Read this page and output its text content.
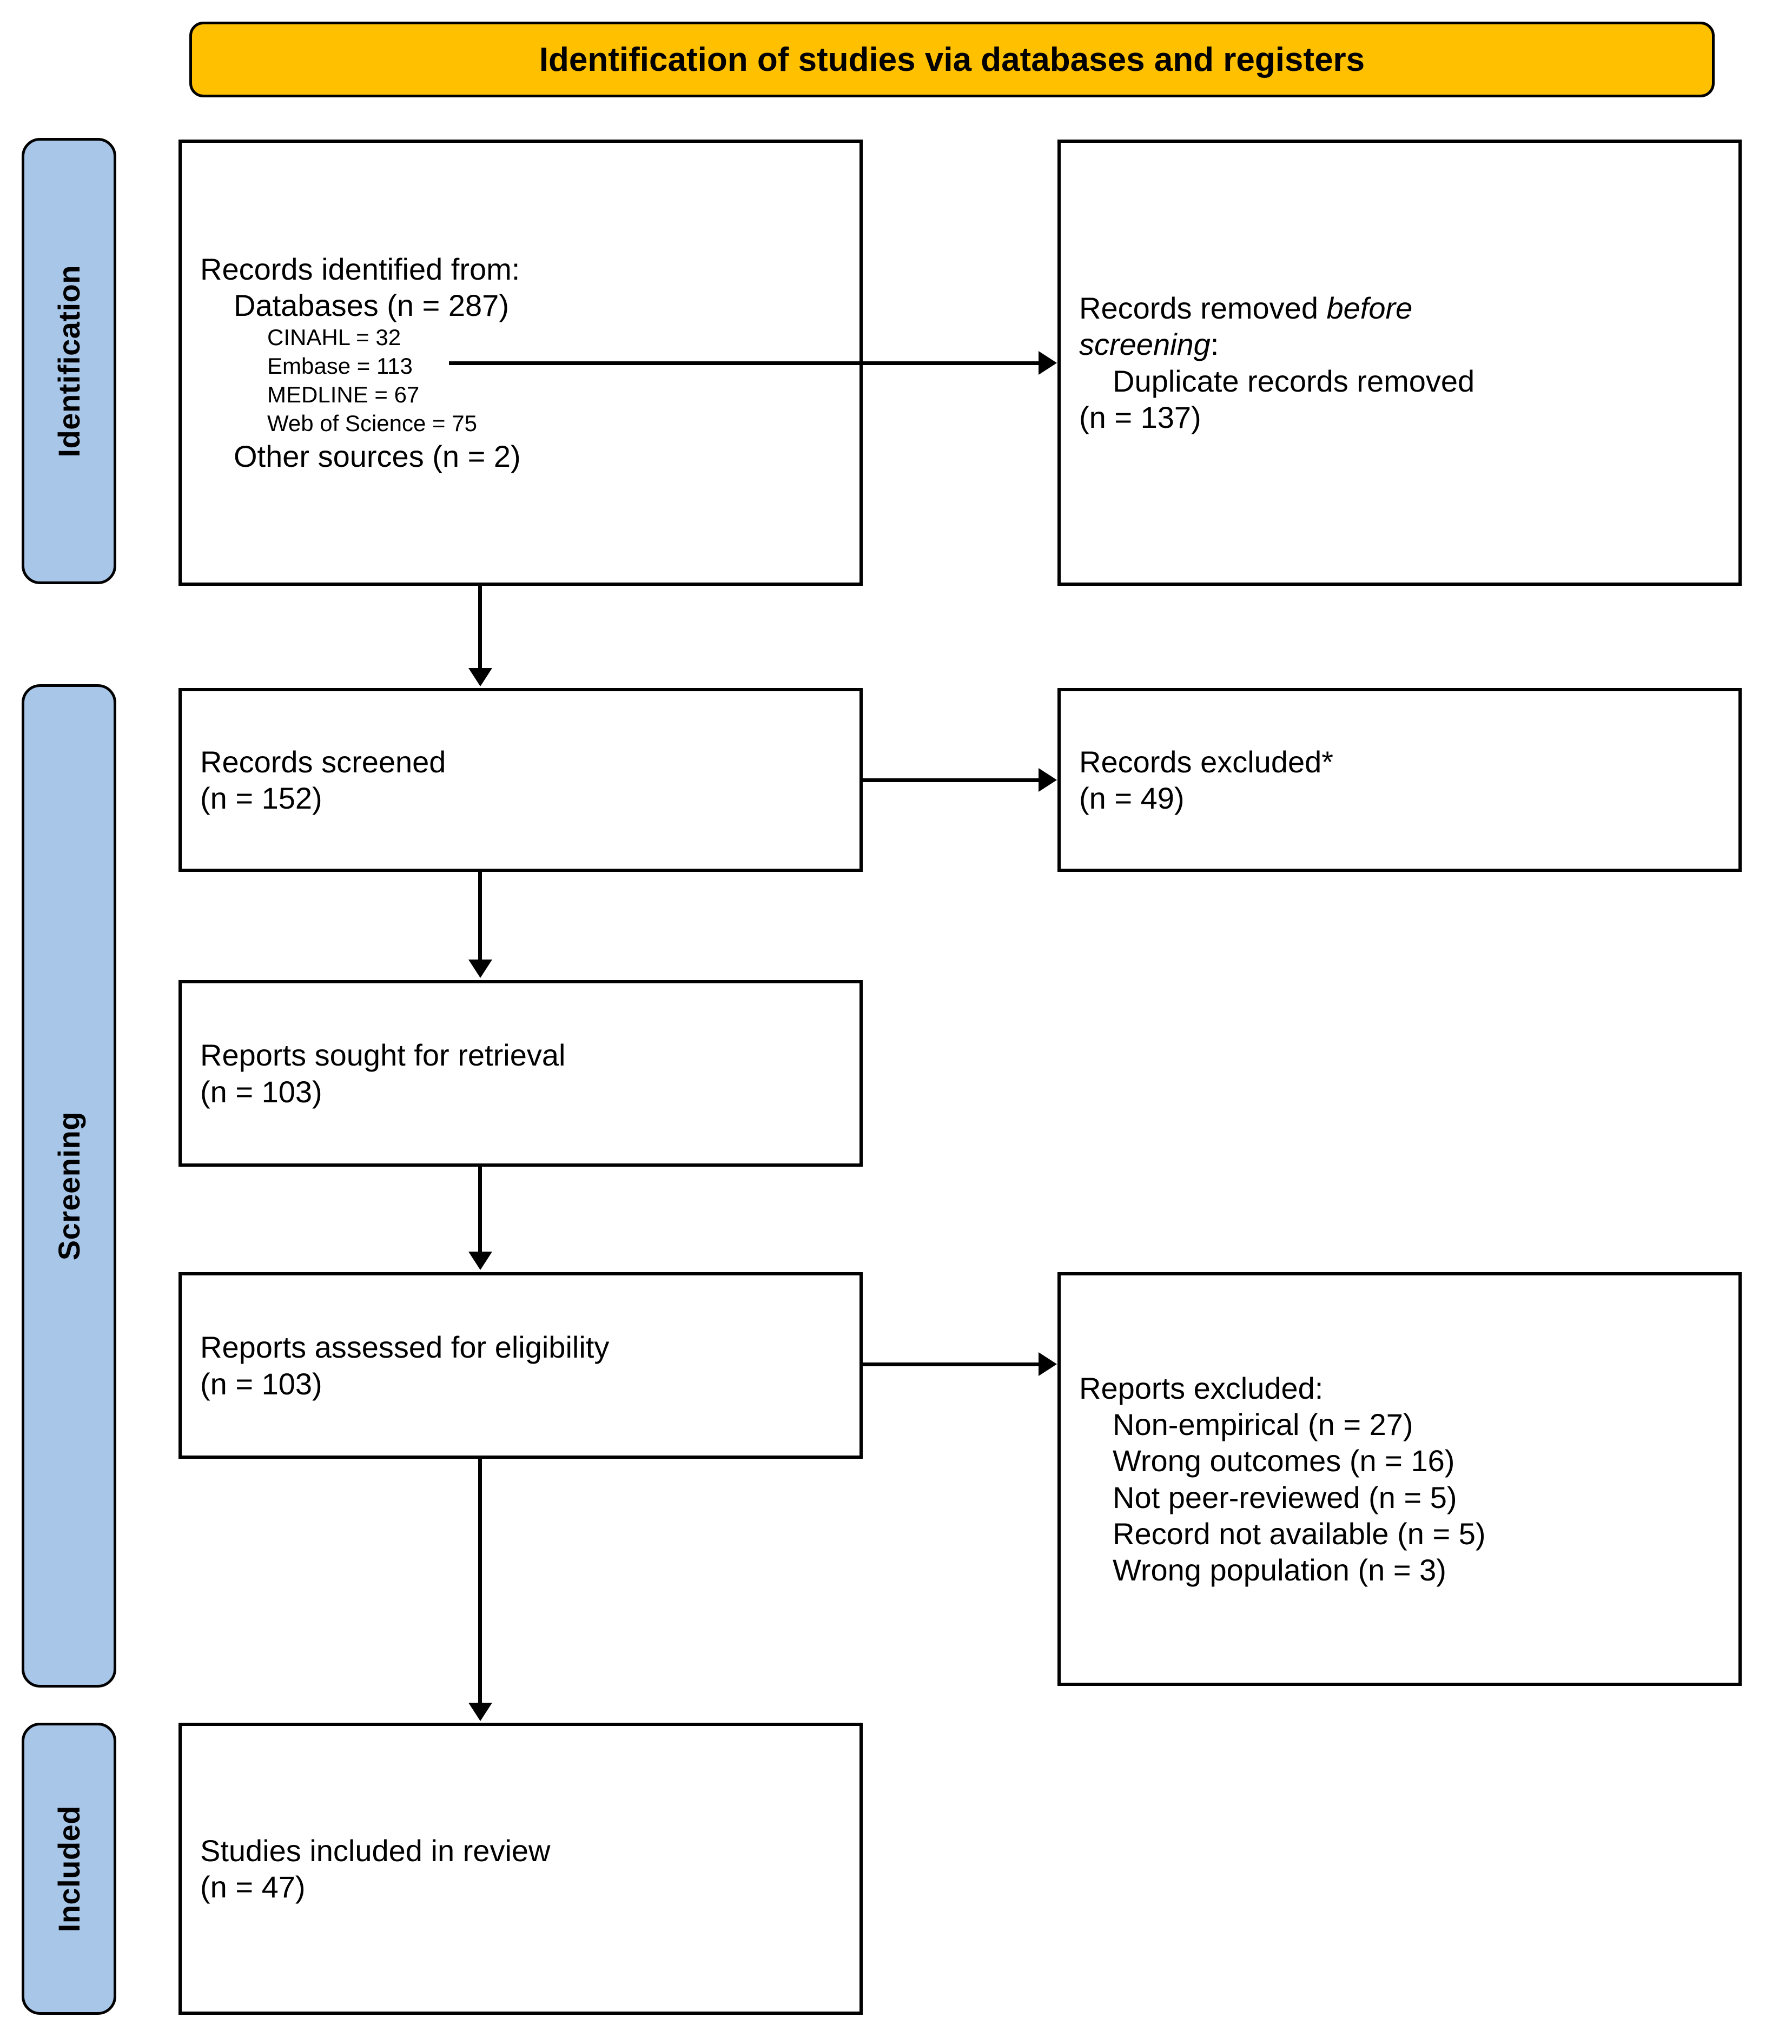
Identification of studies via databases and registers
Identification
Screening
Included
Records identified from:
Databases (n = 287)
CINAHL = 32
Embase = 113
MEDLINE = 67
Web of Science = 75
Other sources (n = 2)
Records removed before
screening:
Duplicate records removed
(n = 137)
Records screened
(n = 152)
Records excluded*
(n = 49)
Reports sought for retrieval
(n = 103)
Reports assessed for eligibility
(n = 103)	Reports excluded:
Non-empirical (n = 27)
Wrong outcomes (n = 16)
Not peer-reviewed (n = 5)
Record not available (n = 5)
Wrong population (n = 3)
Studies included in review
(n = 47)
